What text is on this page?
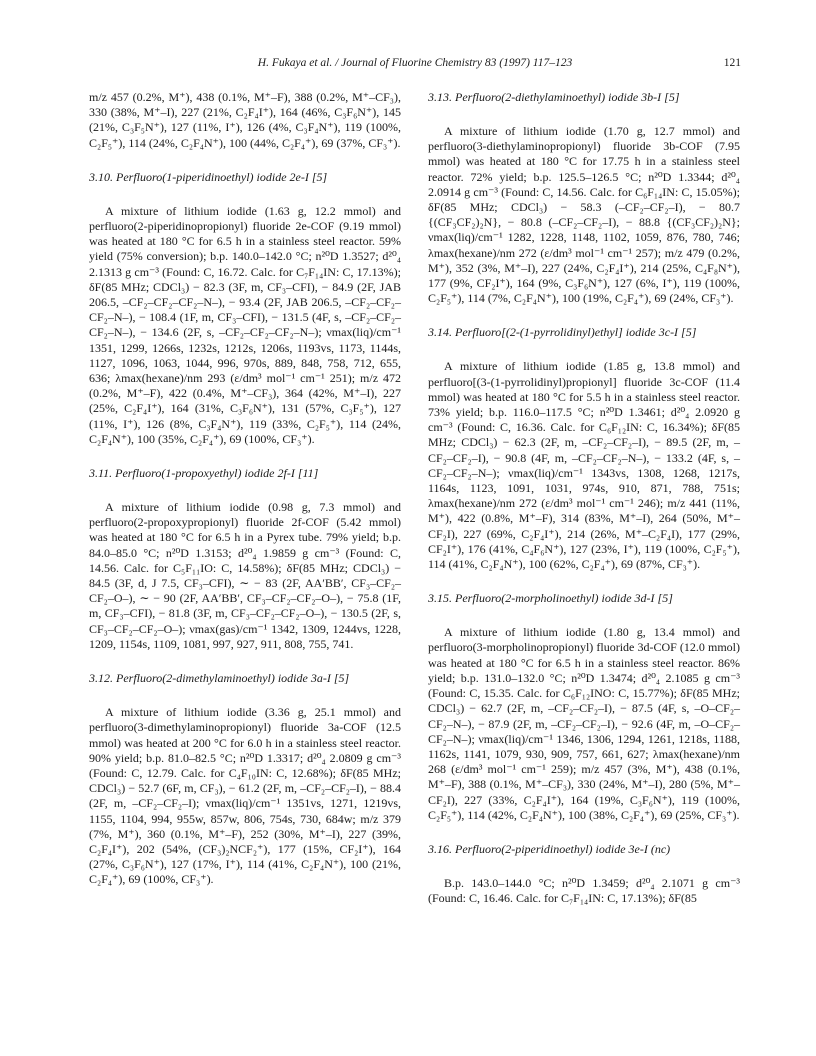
H. Fukaya et al. / Journal of Fluorine Chemistry 83 (1997) 117–123	121

m/z 457 (0.2%, M⁺), 438 (0.1%, M⁺–F), 388 (0.2%, M⁺–CF₃), 330 (38%, M⁺–I), 227 (21%, C₂F₄I⁺), 164 (46%, C₃F₆N⁺), 145 (21%, C₃F₅N⁺), 127 (11%, I⁺), 126 (4%, C₃F₄N⁺), 119 (100%, C₂F₅⁺), 114 (24%, C₂F₄N⁺), 100 (44%, C₂F₄⁺), 69 (37%, CF₃⁺).

3.10. Perfluoro(1-piperidinoethyl) iodide 2e-I [5]

A mixture of lithium iodide (1.63 g, 12.2 mmol) and perfluoro(2-piperidinopropionyl) fluoride 2e-COF (9.19 mmol) was heated at 180 °C for 6.5 h in a stainless steel reactor. 59% yield (75% conversion); b.p. 140.0–142.0 °C; n²⁰D 1.3527; d²⁰₄ 2.1313 g cm⁻³ (Found: C, 16.72. Calc. for C₇F₁₄IN: C, 17.13%); δF(85 MHz; CDCl₃) − 82.3 (3F, m, CF₃–CFI), − 84.9 (2F, JAB 206.5, –CF₂–CF₂–CF₂–N–), − 93.4 (2F, JAB 206.5, –CF₂–CF₂–CF₂–N–), − 108.4 (1F, m, CF₃–CFI), − 131.5 (4F, s, –CF₂–CF₂–CF₂–N–), − 134.6 (2F, s, –CF₂–CF₂–CF₂–N–); νmax(liq)/cm⁻¹ 1351, 1299, 1266s, 1232s, 1212s, 1206s, 1193vs, 1173, 1144s, 1127, 1096, 1063, 1044, 996, 970s, 889, 848, 758, 712, 655, 636; λmax(hexane)/nm 293 (ε/dm³ mol⁻¹ cm⁻¹ 251); m/z 472 (0.2%, M⁺–F), 422 (0.4%, M⁺–CF₃), 364 (42%, M⁺–I), 227 (25%, C₂F₄I⁺), 164 (31%, C₃F₆N⁺), 131 (57%, C₃F₅⁺), 127 (11%, I⁺), 126 (8%, C₃F₄N⁺), 119 (33%, C₂F₅⁺), 114 (24%, C₂F₄N⁺), 100 (35%, C₂F₄⁺), 69 (100%, CF₃⁺).

3.11. Perfluoro(1-propoxyethyl) iodide 2f-I [11]

A mixture of lithium iodide (0.98 g, 7.3 mmol) and perfluoro(2-propoxypropionyl) fluoride 2f-COF (5.42 mmol) was heated at 180 °C for 6.5 h in a Pyrex tube. 79% yield; b.p. 84.0–85.0 °C; n²⁰D 1.3153; d²⁰₄ 1.9859 g cm⁻³ (Found: C, 14.56. Calc. for C₅F₁₁IO: C, 14.58%); δF(85 MHz; CDCl₃) − 84.5 (3F, d, J 7.5, CF₃–CFI), ∼ − 83 (2F, AA′BB′, CF₃–CF₂–CF₂–O–), ∼ − 90 (2F, AA′BB′, CF₃–CF₂–CF₂–O–), − 75.8 (1F, m, CF₃–CFI), − 81.8 (3F, m, CF₃–CF₂–CF₂–O–), − 130.5 (2F, s, CF₃–CF₂–CF₂–O–); νmax(gas)/cm⁻¹ 1342, 1309, 1244vs, 1228, 1209, 1154s, 1109, 1081, 997, 927, 911, 808, 755, 741.

3.12. Perfluoro(2-dimethylaminoethyl) iodide 3a-I [5]

A mixture of lithium iodide (3.36 g, 25.1 mmol) and perfluoro(3-dimethylaminopropionyl) fluoride 3a-COF (12.5 mmol) was heated at 200 °C for 6.0 h in a stainless steel reactor. 90% yield; b.p. 81.0–82.5 °C; n²⁰D 1.3317; d²⁰₄ 2.0809 g cm⁻³ (Found: C, 12.79. Calc. for C₄F₁₀IN: C, 12.68%); δF(85 MHz; CDCl₃) − 52.7 (6F, m, CF₃), − 61.2 (2F, m, –CF₂–CF₂–I), − 88.4 (2F, m, –CF₂–CF₂–I); νmax(liq)/cm⁻¹ 1351vs, 1271, 1219vs, 1155, 1104, 994, 955w, 857w, 806, 754s, 730, 684w; m/z 379 (7%, M⁺), 360 (0.1%, M⁺–F), 252 (30%, M⁺–I), 227 (39%, C₂F₄I⁺), 202 (54%, (CF₃)₂NCF₂⁺), 177 (15%, CF₂I⁺), 164 (27%, C₃F₆N⁺), 127 (17%, I⁺), 114 (41%, C₂F₄N⁺), 100 (21%, C₂F₄⁺), 69 (100%, CF₃⁺).

3.13. Perfluoro(2-diethylaminoethyl) iodide 3b-I [5]

A mixture of lithium iodide (1.70 g, 12.7 mmol) and perfluoro(3-diethylaminopropionyl) fluoride 3b-COF (7.95 mmol) was heated at 180 °C for 17.75 h in a stainless steel reactor. 72% yield; b.p. 125.5–126.5 °C; n²⁰D 1.3344; d²⁰₄ 2.0914 g cm⁻³ (Found: C, 14.56. Calc. for C₆F₁₄IN: C, 15.05%); δF(85 MHz; CDCl₃) − 58.3 (–CF₂–CF₂–I), − 80.7 {(CF₃CF₂)₂N}, − 80.8 (–CF₂–CF₂–I), − 88.8 {(CF₃CF₂)₂N}; νmax(liq)/cm⁻¹ 1282, 1228, 1148, 1102, 1059, 876, 780, 746; λmax(hexane)/nm 272 (ε/dm³ mol⁻¹ cm⁻¹ 257); m/z 479 (0.2%, M⁺), 352 (3%, M⁺–I), 227 (24%, C₂F₄I⁺), 214 (25%, C₄F₈N⁺), 177 (9%, CF₂I⁺), 164 (9%, C₃F₆N⁺), 127 (6%, I⁺), 119 (100%, C₂F₅⁺), 114 (7%, C₂F₄N⁺), 100 (19%, C₂F₄⁺), 69 (24%, CF₃⁺).

3.14. Perfluoro[(2-(1-pyrrolidinyl)ethyl] iodide 3c-I [5]

A mixture of lithium iodide (1.85 g, 13.8 mmol) and perfluoro[(3-(1-pyrrolidinyl)propionyl] fluoride 3c-COF (11.4 mmol) was heated at 180 °C for 5.5 h in a stainless steel reactor. 73% yield; b.p. 116.0–117.5 °C; n²⁰D 1.3461; d²⁰₄ 2.0920 g cm⁻³ (Found: C, 16.36. Calc. for C₆F₁₂IN: C, 16.34%); δF(85 MHz; CDCl₃) − 62.3 (2F, m, –CF₂–CF₂–I), − 89.5 (2F, m, –CF₂–CF₂–I), − 90.8 (4F, m, –CF₂–CF₂–N–), − 133.2 (4F, s, –CF₂–CF₂–N–); νmax(liq)/cm⁻¹ 1343vs, 1308, 1268, 1217s, 1164s, 1123, 1091, 1031, 974s, 910, 871, 788, 751s; λmax(hexane)/nm 272 (ε/dm³ mol⁻¹ cm⁻¹ 246); m/z 441 (11%, M⁺), 422 (0.8%, M⁺–F), 314 (83%, M⁺–I), 264 (50%, M⁺–CF₂I), 227 (69%, C₂F₄I⁺), 214 (26%, M⁺–C₂F₄I), 177 (29%, CF₂I⁺), 176 (41%, C₄F₆N⁺), 127 (23%, I⁺), 119 (100%, C₂F₅⁺), 114 (41%, C₂F₄N⁺), 100 (62%, C₂F₄⁺), 69 (87%, CF₃⁺).

3.15. Perfluoro(2-morpholinoethyl) iodide 3d-I [5]

A mixture of lithium iodide (1.80 g, 13.4 mmol) and perfluoro(3-morpholinopropionyl) fluoride 3d-COF (12.0 mmol) was heated at 180 °C for 6.5 h in a stainless steel reactor. 86% yield; b.p. 131.0–132.0 °C; n²⁰D 1.3474; d²⁰₄ 2.1085 g cm⁻³ (Found: C, 15.35. Calc. for C₆F₁₂INO: C, 15.77%); δF(85 MHz; CDCl₃) − 62.7 (2F, m, –CF₂–CF₂–I), − 87.5 (4F, s, –O–CF₂–CF₂–N–), − 87.9 (2F, m, –CF₂–CF₂–I), − 92.6 (4F, m, –O–CF₂–CF₂–N–); νmax(liq)/cm⁻¹ 1346, 1306, 1294, 1261, 1218s, 1188, 1162s, 1141, 1079, 930, 909, 757, 661, 627; λmax(hexane)/nm 268 (ε/dm³ mol⁻¹ cm⁻¹ 259); m/z 457 (3%, M⁺), 438 (0.1%, M⁺–F), 388 (0.1%, M⁺–CF₃), 330 (24%, M⁺–I), 280 (5%, M⁺–CF₂I), 227 (33%, C₂F₄I⁺), 164 (19%, C₃F₆N⁺), 119 (100%, C₂F₅⁺), 114 (42%, C₂F₄N⁺), 100 (38%, C₂F₄⁺), 69 (25%, CF₃⁺).

3.16. Perfluoro(2-piperidinoethyl) iodide 3e-I (nc)

B.p. 143.0–144.0 °C; n²⁰D 1.3459; d²⁰₄ 2.1071 g cm⁻³ (Found: C, 16.46. Calc. for C₇F₁₄IN: C, 17.13%); δF(85
